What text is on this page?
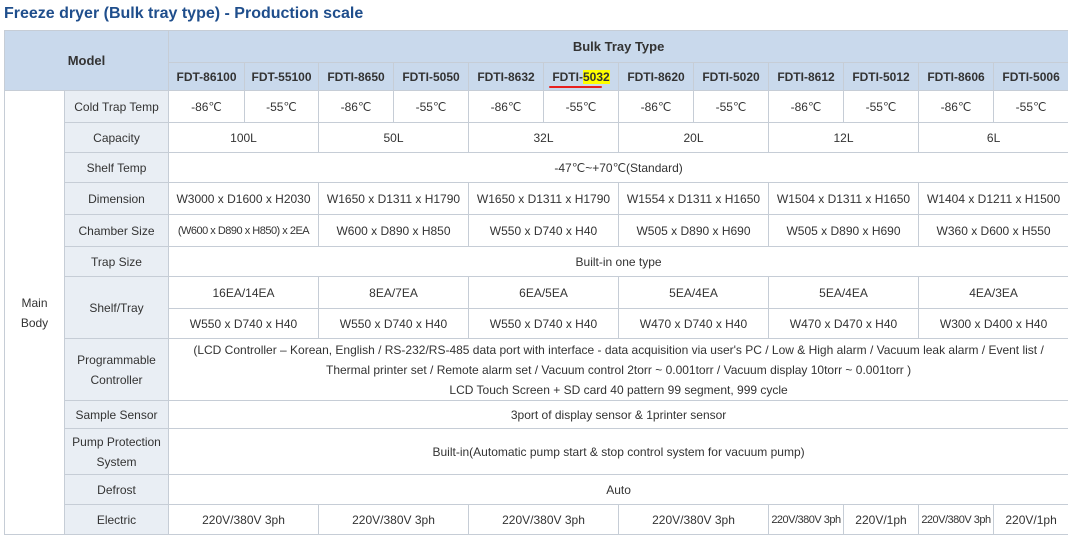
Freeze dryer (Bulk tray type) - Production scale
Model		Bulk Tray Type											
		FDT-86100	FDT-55100	FDTI-8650	FDTI-5050	FDTI-8632	FDTI-5032	FDTI-8620	FDTI-5020	FDTI-8612	FDTI-5012	FDTI-8606	FDTI-5006
Main
Body	Cold Trap Temp	-86℃	-55℃	-86℃	-55℃	-86℃	-55℃	-86℃	-55℃	-86℃	-55℃	-86℃	-55℃
	Capacity	100L		50L		32L		20L		12L		6L	
	Shelf Temp	-47℃~+70℃(Standard)											
	Dimension	W3000 x D1600 x H2030		W1650 x D1311 x H1790		W1650 x D1311 x H1790		W1554 x D1311 x H1650		W1504 x D1311 x H1650		W1404 x D1211 x H1500	
	Chamber Size	(W600 x D890 x H850) x 2EA		W600 x D890 x H850		W550 x D740 x H40		W505 x D890 x H690		W505 x D890 x H690		W360 x D600 x H550	
	Trap Size	Built-in one type											
	Shelf/Tray	16EA/14EA		8EA/7EA		6EA/5EA		5EA/4EA		5EA/4EA		4EA/3EA	
		W550 x D740 x H40		W550 x D740 x H40		W550 x D740 x H40		W470 x D740 x H40		W470 x D470 x H40		W300 x D400 x H40	
	Programmable Controller	(LCD Controller – Korean, English / RS-232/RS-485 data port with interface - data acquisition via user's PC / Low & High alarm / Vacuum leak alarm / Event list /
Thermal printer set / Remote alarm set / Vacuum control 2torr ~ 0.001torr / Vacuum display 10torr ~ 0.001torr )
LCD Touch Screen + SD card 40 pattern 99 segment, 999 cycle											

	Sample Sensor	3port of display sensor & 1printer sensor											
	Pump Protection System	Built-in(Automatic pump start & stop control system for vacuum pump)											
	Defrost	Auto											
	Electric	220V/380V 3ph		220V/380V 3ph		220V/380V 3ph		220V/380V 3ph		220V/380V 3ph	220V/1ph	220V/380V 3ph	220V/1ph
